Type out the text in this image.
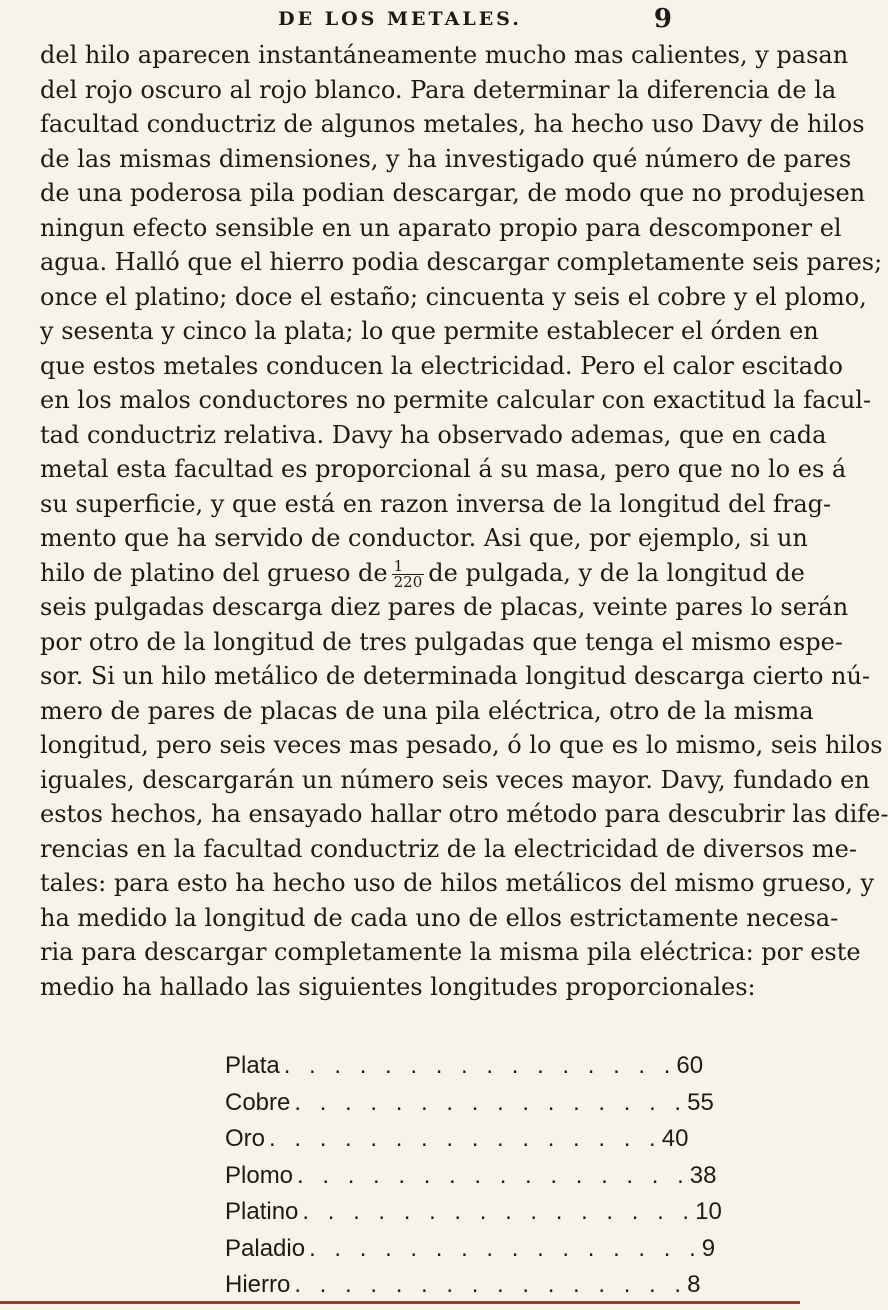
DE LOS METALES.	9
del hilo aparecen instantáneamente mucho mas calientes, y pasan
del rojo oscuro al rojo blanco. Para determinar la diferencia de la
facultad conductriz de algunos metales, ha hecho uso Davy de hilos
de las mismas dimensiones, y ha investigado qué número de pares
de una poderosa pila podian descargar, de modo que no produjesen
ningun efecto sensible en un aparato propio para descomponer el
agua. Halló que el hierro podia descargar completamente seis pares;
once el platino; doce el estaño; cincuenta y seis el cobre y el plomo,
y sesenta y cinco la plata; lo que permite establecer el órden en
que estos metales conducen la electricidad. Pero el calor escitado
en los malos conductores no permite calcular con exactitud la facul-
tad conductriz relativa. Davy ha observado ademas, que en cada
metal esta facultad es proporcional á su masa, pero que no lo es á
su superficie, y que está en razon inversa de la longitud del frag-
mento que ha servido de conductor. Asi que, por ejemplo, si un
hilo de platino del grueso de $\frac{1}{220}$ de pulgada, y de la longitud de
seis pulgadas descarga diez pares de placas, veinte pares lo serán
por otro de la longitud de tres pulgadas que tenga el mismo espe-
sor. Si un hilo metálico de determinada longitud descarga cierto nú-
mero de pares de placas de una pila eléctrica, otro de la misma
longitud, pero seis veces mas pesado, ó lo que es lo mismo, seis hilos
iguales, descargarán un número seis veces mayor. Davy, fundado en
estos hechos, ha ensayado hallar otro método para descubrir las dife-
rencias en la facultad conductriz de la electricidad de diversos me-
tales: para esto ha hecho uso de hilos metálicos del mismo grueso, y
ha medido la longitud de cada uno de ellos estrictamente necesa-
ria para descargar completamente la misma pila eléctrica: por este
medio ha hallado las siguientes longitudes proporcionales:
Plata . . . . . . . . . . . . . . . . 60
Cobre . . . . . . . . . . . . . . . . 55
Oro . . . . . . . . . . . . . . . . 40
Plomo . . . . . . . . . . . . . . . . 38
Platino . . . . . . . . . . . . . . . . 10
Paladio . . . . . . . . . . . . . . . . 9
Hierro . . . . . . . . . . . . . . . . 8
